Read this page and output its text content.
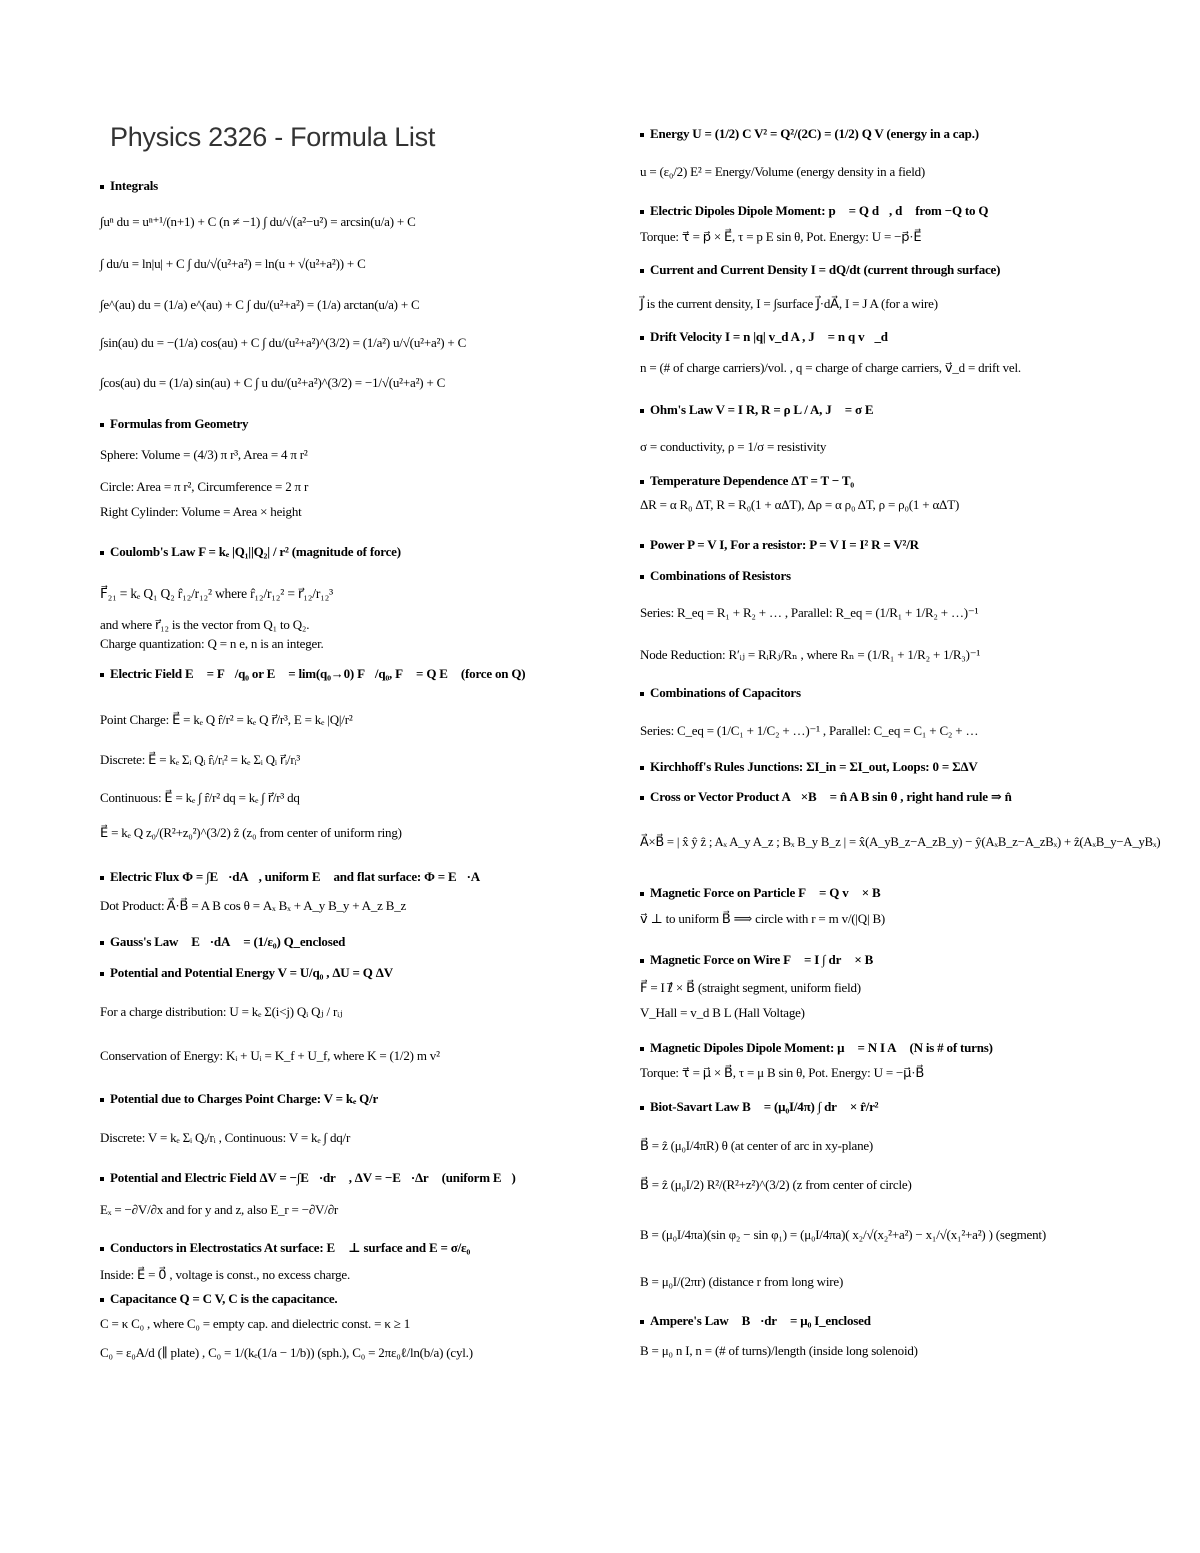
Physics 2326 - Formula List
Integrals
∫uⁿ du = uⁿ⁺¹/(n+1) + C (n ≠ −1) ∫ du/√(a²−u²) = arcsin(u/a) + C
∫ du/u = ln|u| + C ∫ du/√(u²+a²) = ln(u + √(u²+a²)) + C
∫e^(au) du = (1/a) e^(au) + C ∫ du/(u²+a²) = (1/a) arctan(u/a) + C
∫sin(au) du = −(1/a) cos(au) + C ∫ du/(u²+a²)^(3/2) = (1/a²) u/√(u²+a²) + C
∫cos(au) du = (1/a) sin(au) + C ∫ u du/(u²+a²)^(3/2) = −1/√(u²+a²) + C
Formulas from Geometry
Sphere: Volume = (4/3) π r³, Area = 4 π r²
Circle: Area = π r², Circumference = 2 π r
Right Cylinder: Volume = Area × height
Coulomb's Law F = kₑ |Q₁||Q₂| / r² (magnitude of force)
F⃗₂₁ = kₑ Q₁ Q₂ r̂₁₂/r₁₂² where r̂₁₂/r₁₂² = r⃗₁₂/r₁₂³
and where r⃗₁₂ is the vector from Q₁ to Q₂.
Charge quantization: Q = n e, n is an integer.
Electric Field E⃗ = F⃗/q₀ or E⃗ = lim(q₀→0) F⃗/q₀, F⃗ = Q E⃗ (force on Q)
Point Charge: E⃗ = kₑ Q r̂/r² = kₑ Q r⃗/r³, E = kₑ |Q|/r²
Discrete: E⃗ = kₑ Σᵢ Qᵢ r̂ᵢ/rᵢ² = kₑ Σᵢ Qᵢ r⃗ᵢ/rᵢ³
Continuous: E⃗ = kₑ ∫ r̂/r² dq = kₑ ∫ r⃗/r³ dq
E⃗ = kₑ Q z₀/(R²+z₀²)^(3/2) ẑ (z₀ from center of uniform ring)
Electric Flux Φ = ∫E⃗·dA⃗, uniform E⃗ and flat surface: Φ = E⃗·A⃗
Dot Product: A⃗·B⃗ = A B cos θ = Aₓ Bₓ + A_y B_y + A_z B_z
Gauss's Law ∮E⃗·dA⃗ = (1/ε₀) Q_enclosed
Potential and Potential Energy V = U/q₀ , ΔU = Q ΔV
For a charge distribution: U = kₑ Σ(i<j) Qᵢ Qⱼ / rᵢⱼ
Conservation of Energy: Kᵢ + Uᵢ = K_f + U_f, where K = (1/2) m v²
Potential due to Charges Point Charge: V = kₑ Q/r
Discrete: V = kₑ Σᵢ Qᵢ/rᵢ , Continuous: V = kₑ ∫ dq/r
Potential and Electric Field ΔV = −∫E⃗·dr⃗ , ΔV = −E⃗·Δr⃗ (uniform E⃗)
Eₓ = −∂V/∂x and for y and z, also E_r = −∂V/∂r
Conductors in Electrostatics At surface: E⃗ ⊥ surface and E = σ/ε₀
Inside: E⃗ = 0⃗ , voltage is const., no excess charge.
Capacitance Q = C V, C is the capacitance.
C = κ C₀ , where C₀ = empty cap. and dielectric const. = κ ≥ 1
C₀ = ε₀A/d (∥ plate) , C₀ = 1/(kₑ(1/a − 1/b)) (sph.), C₀ = 2πε₀ℓ/ln(b/a) (cyl.)
Energy U = (1/2) C V² = Q²/(2C) = (1/2) Q V (energy in a cap.)
u = (ε₀/2) E² = Energy/Volume (energy density in a field)
Electric Dipoles Dipole Moment: p⃗ = Q d⃗, d⃗ from −Q to Q
Torque: τ⃗ = p⃗ × E⃗, τ = p E sin θ, Pot. Energy: U = −p⃗·E⃗
Current and Current Density I = dQ/dt (current through surface)
J⃗ is the current density, I = ∫surface J⃗·dA⃗, I = J A (for a wire)
Drift Velocity I = n |q| v_d A , J⃗ = n q v⃗_d
n = (# of charge carriers)/vol. , q = charge of charge carriers, v⃗_d = drift vel.
Ohm's Law V = I R, R = ρ L / A, J⃗ = σ E⃗
σ = conductivity, ρ = 1/σ = resistivity
Temperature Dependence ΔT = T − T₀
ΔR = α R₀ ΔT, R = R₀(1 + αΔT), Δρ = α ρ₀ ΔT, ρ = ρ₀(1 + αΔT)
Power P = V I, For a resistor: P = V I = I² R = V²/R
Combinations of Resistors
Series: R_eq = R₁ + R₂ + … , Parallel: R_eq = (1/R₁ + 1/R₂ + …)⁻¹
Node Reduction: R′ᵢⱼ = RᵢRⱼ/Rₙ , where Rₙ = (1/R₁ + 1/R₂ + 1/R₃)⁻¹
Combinations of Capacitors
Series: C_eq = (1/C₁ + 1/C₂ + …)⁻¹ , Parallel: C_eq = C₁ + C₂ + …
Kirchhoff's Rules Junctions: ΣI_in = ΣI_out, Loops: 0 = ΣΔV
Cross or Vector Product A⃗×B⃗ = n̂ A B sin θ , right hand rule ⇒ n̂
A⃗×B⃗ = | x̂ ŷ ẑ ; Aₓ A_y A_z ; Bₓ B_y B_z | = x̂(A_yB_z−A_zB_y) − ŷ(AₓB_z−A_zBₓ) + ẑ(AₓB_y−A_yBₓ)
Magnetic Force on Particle F⃗ = Q v⃗ × B⃗
v⃗ ⊥ to uniform B⃗ ⟹ circle with r = m v/(|Q| B)
Magnetic Force on Wire F⃗ = I ∫ dr⃗ × B⃗
F⃗ = I ℓ⃗ × B⃗ (straight segment, uniform field)
V_Hall = v_d B L (Hall Voltage)
Magnetic Dipoles Dipole Moment: μ⃗ = N I A⃗ (N is # of turns)
Torque: τ⃗ = μ⃗ × B⃗, τ = μ B sin θ, Pot. Energy: U = −μ⃗·B⃗
Biot-Savart Law B⃗ = (μ₀I/4π) ∫ dr⃗ × r̂/r²
B⃗ = ẑ (μ₀I/4πR) θ (at center of arc in xy-plane)
B⃗ = ẑ (μ₀I/2) R²/(R²+z²)^(3/2) (z from center of circle)
B = (μ₀I/4πa)(sin φ₂ − sin φ₁) = (μ₀I/4πa)( x₂/√(x₂²+a²) − x₁/√(x₁²+a²) ) (segment)
B = μ₀I/(2πr) (distance r from long wire)
Ampere's Law ∮B⃗·dr⃗ = μ₀ I_enclosed
B = μ₀ n I, n = (# of turns)/length (inside long solenoid)
